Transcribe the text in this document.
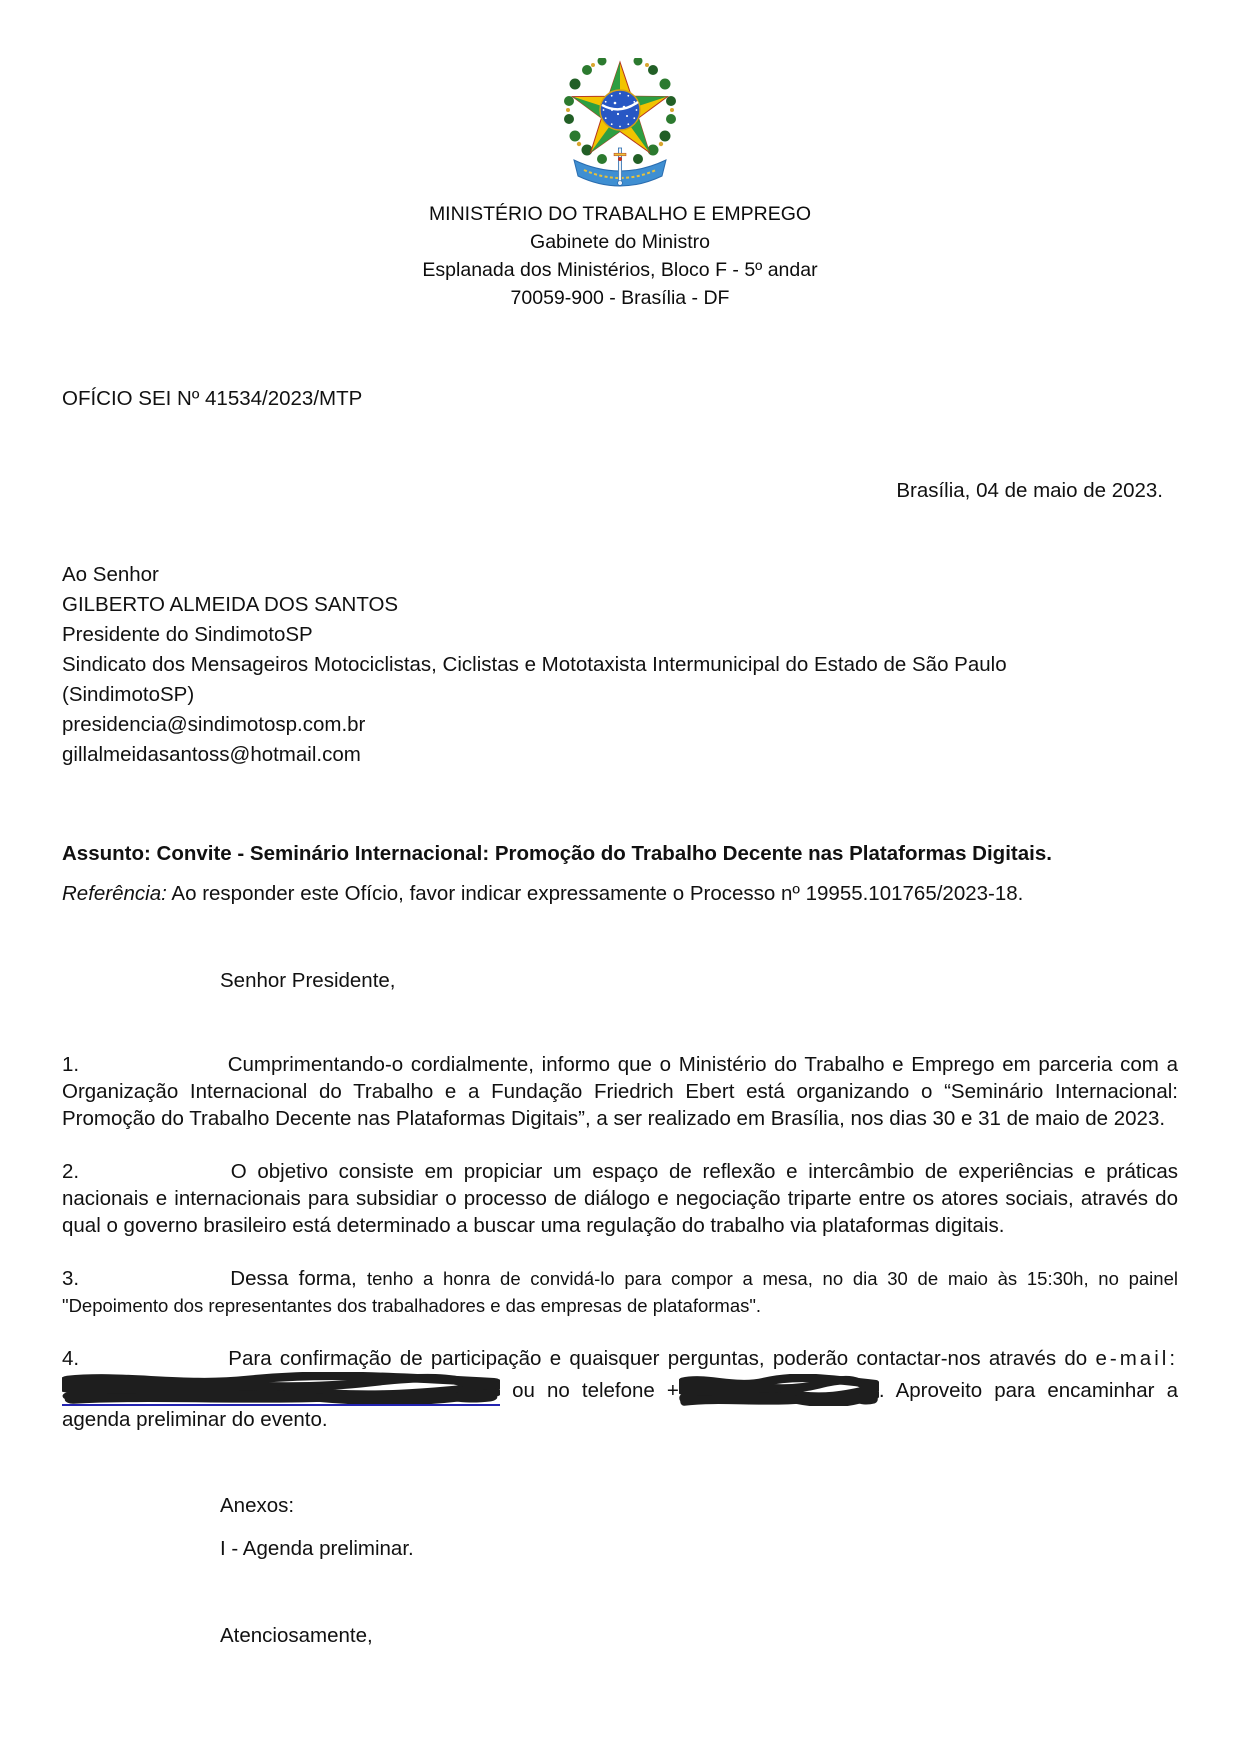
MINISTÉRIO DO TRABALHO E EMPREGO
Gabinete do Ministro
Esplanada dos Ministérios, Bloco F - 5º andar
70059-900 - Brasília - DF
OFÍCIO SEI Nº 41534/2023/MTP
Brasília, 04 de maio de 2023.
Ao Senhor
GILBERTO ALMEIDA DOS SANTOS
Presidente do SindimotoSP
Sindicato dos Mensageiros Motociclistas, Ciclistas e Mototaxista Intermunicipal do Estado de São Paulo
(SindimotoSP)
presidencia@sindimotosp.com.br
gillalmeidasantoss@hotmail.com
Assunto: Convite - Seminário Internacional: Promoção do Trabalho Decente nas Plataformas Digitais.
Referência: Ao responder este Ofício, favor indicar expressamente o Processo nº 19955.101765/2023-18.
Senhor Presidente,

1.	Cumprimentando-o cordialmente, informo que o Ministério do Trabalho e Emprego em parceria com a Organização Internacional do Trabalho e a Fundação Friedrich Ebert está organizando o “Seminário Internacional: Promoção do Trabalho Decente nas Plataformas Digitais”, a ser realizado em Brasília, nos dias 30 e 31 de maio de 2023.

2.	O objetivo consiste em propiciar um espaço de reflexão e intercâmbio de experiências e práticas nacionais e internacionais para subsidiar o processo de diálogo e negociação triparte entre os atores sociais, através do qual o governo brasileiro está determinado a buscar uma regulação do trabalho via plataformas digitais.

3.	Dessa forma, tenho a honra de convidá-lo para compor a mesa, no dia 30 de maio às 15:30h, no painel "Depoimento dos representantes dos trabalhadores e das empresas de plataformas".

4.	Para confirmação de participação e quaisquer perguntas, poderão contactar-nos através do e-mail:
ou no telefone +	. Aproveito para encaminhar a agenda preliminar do evento.

Anexos:
I - Agenda preliminar.
Atenciosamente,
